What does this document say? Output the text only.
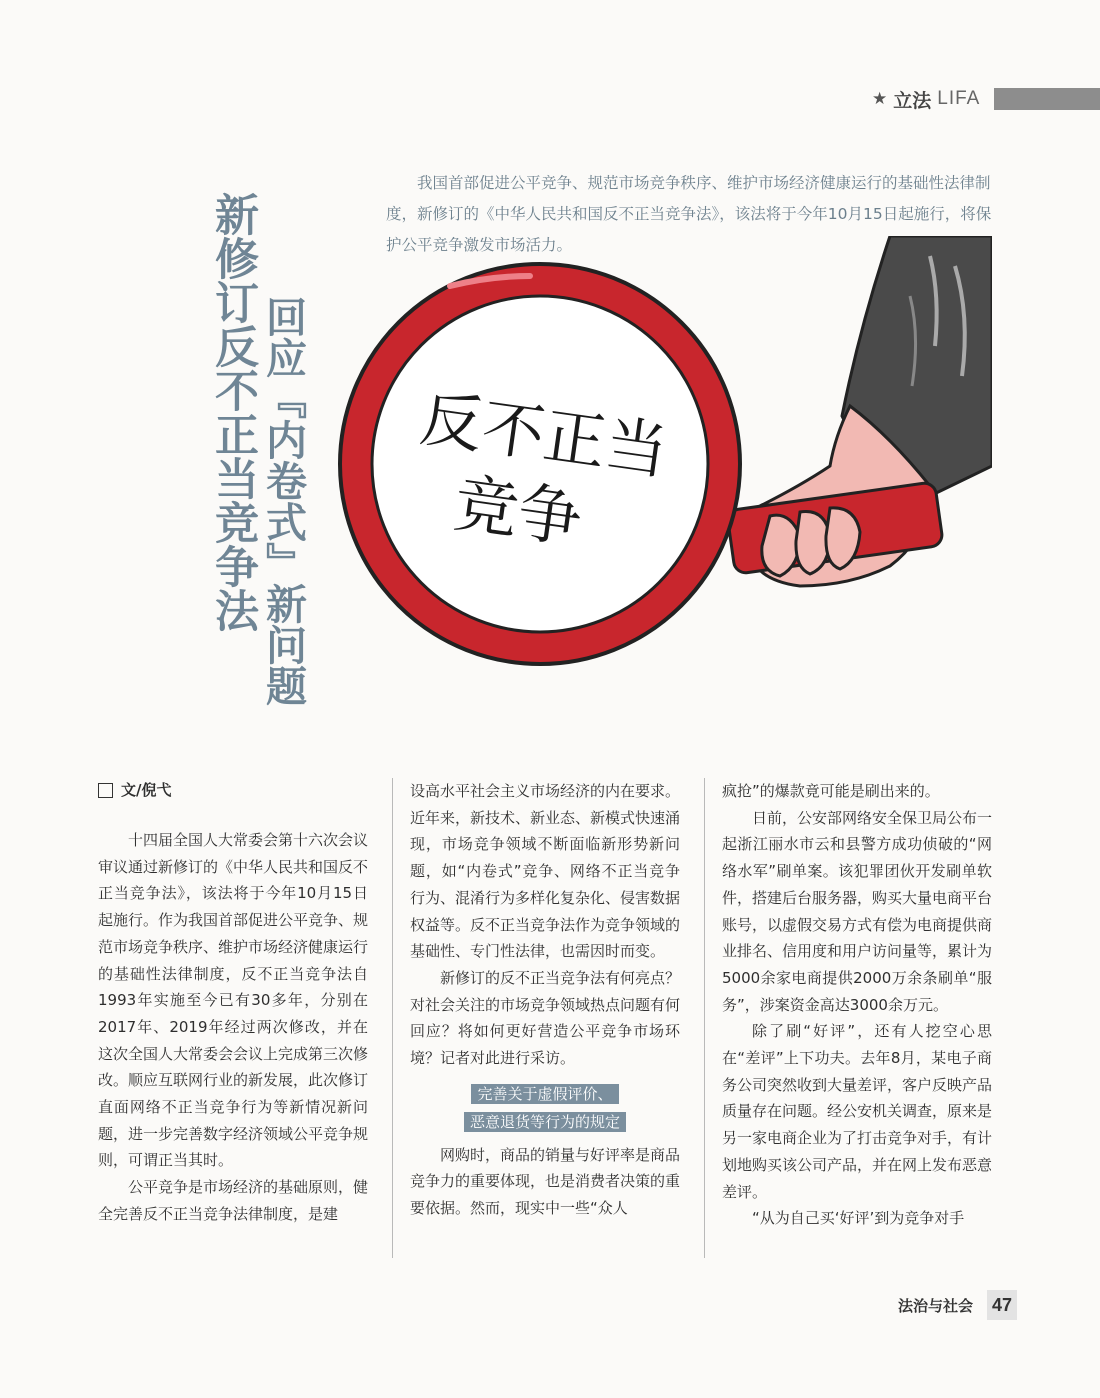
★ 立法 LIFA

我国首部促进公平竞争、规范市场竞争秩序、维护市场经济健康运行的基础性法律制度，新修订的《中华人民共和国反不正当竞争法》，该法将于今年10月15日起施行，将保护公平竞争激发市场活力。

新修订反不正当竞争法 回应『内卷式』新问题 反不正当
竞争
文/倪弋

十四届全国人大常委会第十六次会议审议通过新修订的《中华人民共和国反不正当竞争法》，该法将于今年10月15日起施行。作为我国首部促进公平竞争、规范市场竞争秩序、维护市场经济健康运行的基础性法律制度，反不正当竞争法自1993年实施至今已有30多年，分别在2017年、2019年经过两次修改，并在这次全国人大常委会会议上完成第三次修改。顺应互联网行业的新发展，此次修订直面网络不正当竞争行为等新情况新问题，进一步完善数字经济领域公平竞争规则，可谓正当其时。

公平竞争是市场经济的基础原则，健全完善反不正当竞争法律制度，是建

设高水平社会主义市场经济的内在要求。近年来，新技术、新业态、新模式快速涌现，市场竞争领域不断面临新形势新问题，如“内卷式”竞争、网络不正当竞争行为、混淆行为多样化复杂化、侵害数据权益等。反不正当竞争法作为竞争领域的基础性、专门性法律，也需因时而变。

新修订的反不正当竞争法有何亮点？对社会关注的市场竞争领域热点问题有何回应？将如何更好营造公平竞争市场环境？记者对此进行采访。

完善关于虚假评价、
恶意退货等行为的规定

网购时，商品的销量与好评率是商品竞争力的重要体现，也是消费者决策的重要依据。然而，现实中一些“众人

疯抢”的爆款竟可能是刷出来的。

日前，公安部网络安全保卫局公布一起浙江丽水市云和县警方成功侦破的“网络水军”刷单案。该犯罪团伙开发刷单软件，搭建后台服务器，购买大量电商平台账号，以虚假交易方式有偿为电商提供商业排名、信用度和用户访问量等，累计为5000余家电商提供2000万余条刷单“服务”，涉案资金高达3000余万元。

除了刷“好评”，还有人挖空心思在“差评”上下功夫。去年8月，某电子商务公司突然收到大量差评，客户反映产品质量存在问题。经公安机关调查，原来是另一家电商企业为了打击竞争对手，有计划地购买该公司产品，并在网上发布恶意差评。

“从为自己买‘好评’到为竞争对手

法治与社会 47
